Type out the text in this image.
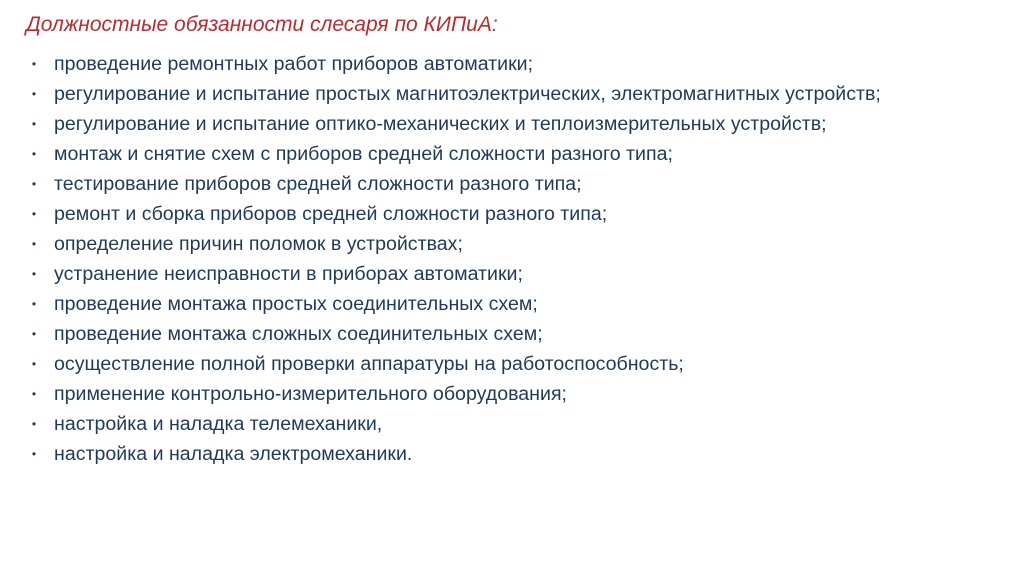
Должностные обязанности слесаря по КИПиА:
• проведение ремонтных работ приборов автоматики;
• регулирование и испытание простых магнитоэлектрических, электромагнитных устройств;
• регулирование и испытание оптико-механических и теплоизмерительных устройств;
• монтаж и снятие схем с приборов средней сложности разного типа;
• тестирование приборов средней сложности разного типа;
• ремонт и сборка приборов средней сложности разного типа;
• определение причин поломок в устройствах;
• устранение неисправности в приборах автоматики;
• проведение монтажа простых соединительных схем;
• проведение монтажа сложных соединительных схем;
• осуществление полной проверки аппаратуры на работоспособность;
• применение контрольно-измерительного оборудования;
• настройка и наладка телемеханики,
• настройка и наладка электромеханики.
